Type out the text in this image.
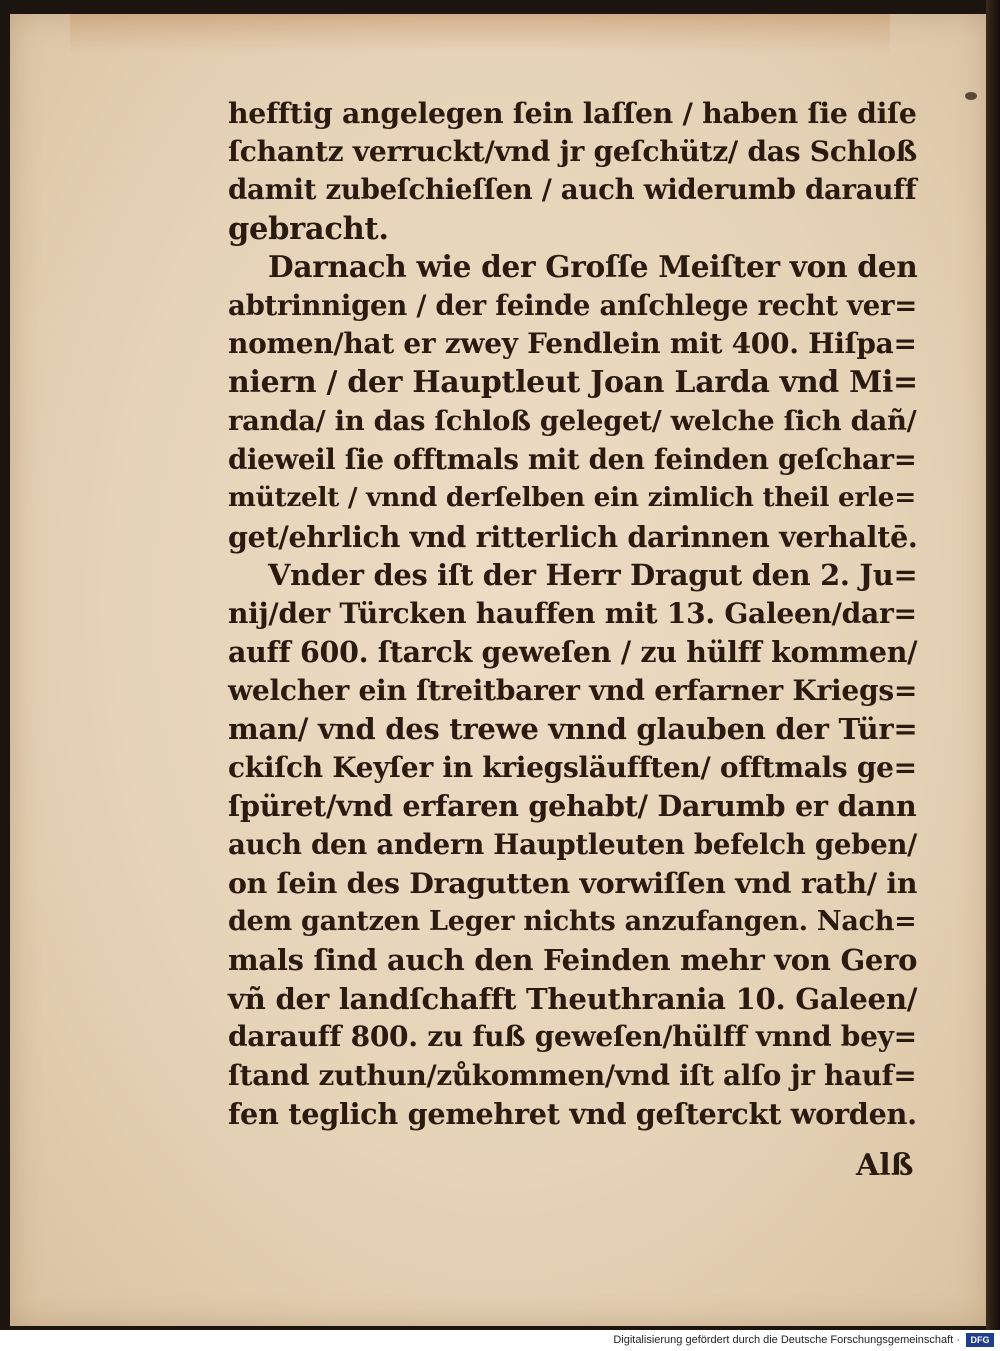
hefftig angelegen ſein laſſen / haben ſie diſe
ſchantz verruckt/vnd jr geſchütz/ das Schloß
damit zubeſchieſſen / auch widerumb darauff
gebracht.
Darnach wie der Groſſe Meiſter von den
abtrinnigen / der feinde anſchlege recht ver=
nomen/hat er zwey Fendlein mit 400. Hiſpa=
niern / der Hauptleut Joan Larda vnd Mi=
randa/ in das ſchloß geleget/ welche ſich dañ/
dieweil ſie offtmals mit den feinden geſchar=
mützelt / vnnd derſelben ein zimlich theil erle=
get/ehrlich vnd ritterlich darinnen verhaltē.
Vnder des iſt der Herr Dragut den 2. Ju=
nij/der Türcken hauffen mit 13. Galeen/dar=
auff 600. ſtarck geweſen / zu hülff kommen/
welcher ein ſtreitbarer vnd erfarner Kriegs=
man/ vnd des trewe vnnd glauben der Tür=
ckiſch Keyſer in kriegsläufften/ offtmals ge=
ſpüret/vnd erfaren gehabt/ Darumb er dann
auch den andern Hauptleuten befelch geben/
on ſein des Dragutten vorwiſſen vnd rath/ in
dem gantzen Leger nichts anzufangen. Nach=
mals ſind auch den Feinden mehr von Gero
vñ der landſchafft Theuthrania 10. Galeen/
darauff 800. zu fuß geweſen/hülff vnnd bey=
ſtand zuthun/zůkommen/vnd iſt alſo jr hauf=
fen teglich gemehret vnd geſterckt worden.
Alß
Digitalisierung gefördert durch die Deutsche Forschungsgemeinschaft ·	DFG
